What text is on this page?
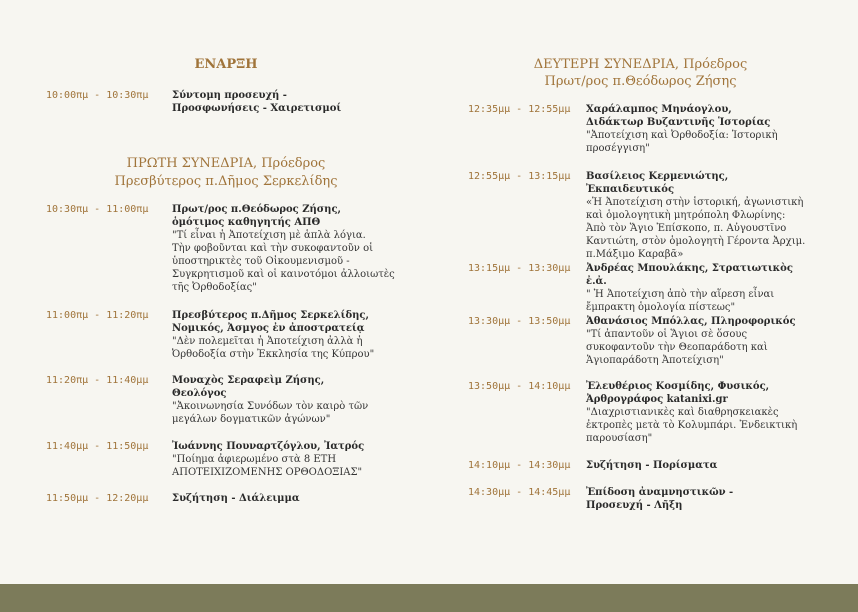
ΕΝΑΡΞΗ
10:00πμ - 10:30πμ Σύντομη προσευχή -
Προσφωνήσεις - Χαιρετισμοί
ΠΡΩΤΗ ΣΥΝΕΔΡΙΑ, Πρόεδρος
Πρεσβύτερος π.Δῆμος Σερκελίδης
10:30πμ - 11:00πμ Πρωτ/ρος π.Θεόδωρος Ζήσης,
ὁμότιμος καθηγητής ΑΠΘ
"Τί εἶναι ἡ Ἀποτείχιση μὲ ἁπλὰ λόγια.
Τὴν φοβοῦνται καὶ τὴν συκοφαντοῦν οἱ
ὑποστηρικτὲς τοῦ Οἰκουμενισμοῦ -
Συγκρητισμοῦ καὶ οἱ καινοτόμοι ἀλλοιωτὲς
τῆς Ὀρθοδοξίας"
11:00πμ - 11:20πμ Πρεσβύτερος π.Δῆμος Σερκελίδης,
Νομικός, Ἀσμγος ἐν ἀποστρατείᾳ
"Δὲν πολεμεῖται ἡ Ἀποτείχιση ἀλλὰ ἡ
Ὀρθοδοξία στὴν Ἐκκλησία της Κύπρου"
11:20πμ - 11:40μμ Μοναχὸς Σεραφεὶμ Ζήσης,
Θεολόγος
"Ἀκοινωνησία Συνόδων τὸν καιρὸ τῶν
μεγάλων δογματικῶν ἀγώνων"
11:40μμ - 11:50μμ Ἰωάννης Πουναρτζόγλου, Ἰατρός
"Ποίημα ἀφιερωμένο στὰ 8 ΕΤΗ
ΑΠΟΤΕΙΧΙΖΟΜΕΝΗΣ ΟΡΘΟΔΟΞΙΑΣ"
11:50μμ - 12:20μμ Συζήτηση - Διάλειμμα
ΔΕΥΤΕΡΗ ΣΥΝΕΔΡΙΑ, Πρόεδρος
Πρωτ/ρος π.Θεόδωρος Ζήσης
12:35μμ - 12:55μμ Χαράλαμπος Μηνάογλου,
Διδάκτωρ Βυζαντινῆς Ἱστορίας
"Ἀποτείχιση καὶ Ὀρθοδοξία: Ἱστορικὴ
προσέγγιση"
12:55μμ - 13:15μμ Βασίλειος Κερμενιώτης, Ἐκπαιδευτικός
«Ἡ Ἀποτείχιση στὴν ἱστορική, ἀγωνιστικὴ
καὶ ὁμολογητικὴ μητρόπολη Φλωρίνης:
Ἀπὸ τὸν Ἅγιο Ἐπίσκοπο, π. Αὐγουστῖνο
Καντιώτη, στὸν ὁμολογητὴ Γέροντα Ἀρχιμ.
π.Μάξιμο Καραβᾶ»
13:15μμ - 13:30μμ Ἀνδρέας Μπουλάκης, Στρατιωτικὸς ἐ.ἀ.
" Ἡ Ἀποτείχιση ἀπὸ τὴν αἵρεση εἶναι
ἔμπρακτη ὁμολογία πίστεως"
13:30μμ - 13:50μμ Ἀθανάσιος Μπόλλας, Πληροφορικός
"Τί ἀπαντοῦν οἱ Ἅγιοι σὲ ὅσους
συκοφαντοῦν τὴν Θεοπαράδοτη καὶ
Ἁγιοπαράδοτη Ἀποτείχιση"
13:50μμ - 14:10μμ Ἐλευθέριος Κοσμίδης, Φυσικός,
Ἀρθρογράφος katanixi.gr
"Διαχριστιανικὲς καὶ διαθρησκειακὲς
ἐκτροπὲς μετὰ τὸ Κολυμπάρι. Ἐνδεικτικὴ
παρουσίαση"
14:10μμ - 14:30μμ Συζήτηση - Πορίσματα
14:30μμ - 14:45μμ Ἐπίδοση ἀναμνηστικῶν -
Προσευχή - Λῆξη
